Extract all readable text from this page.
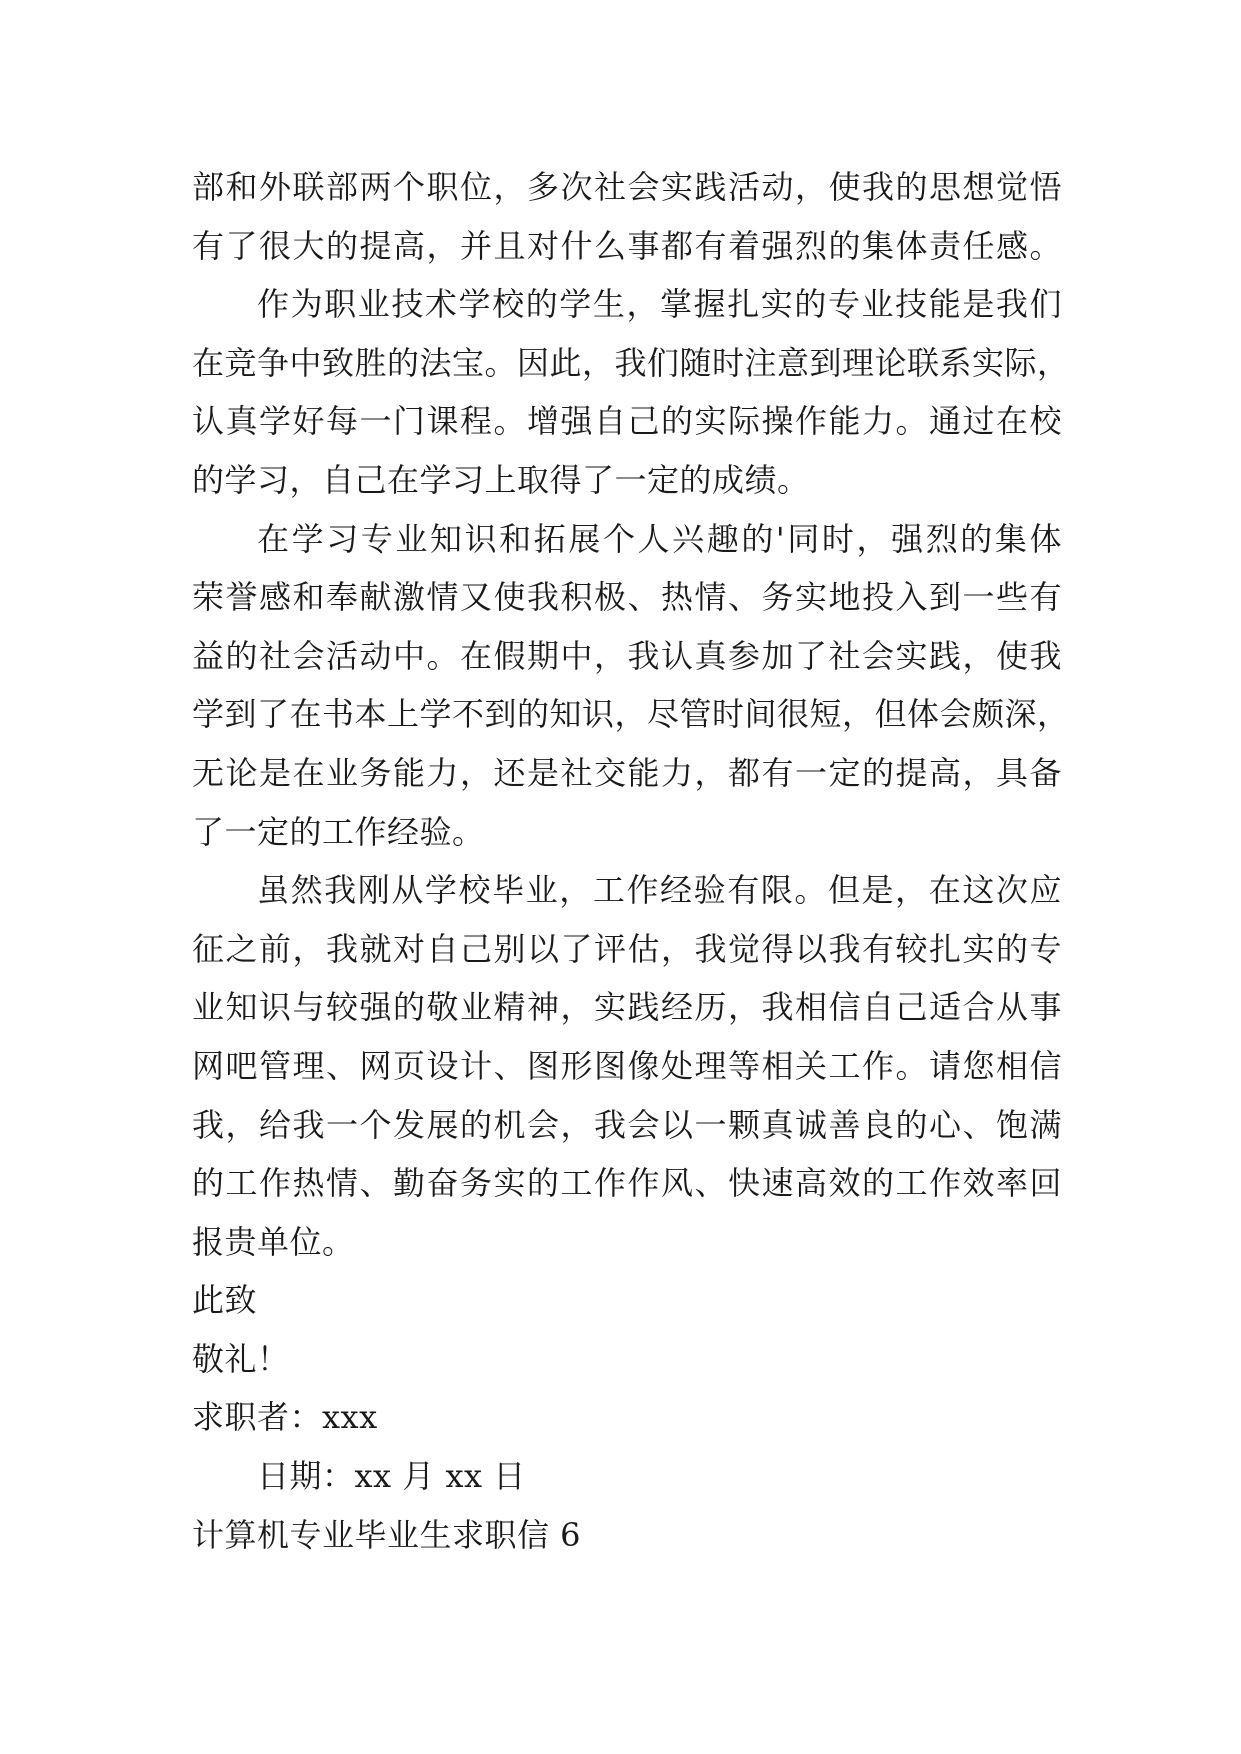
部和外联部两个职位，多次社会实践活动，使我的思想觉悟
有了很大的提高，并且对什么事都有着强烈的集体责任感。
作为职业技术学校的学生，掌握扎实的专业技能是我们
在竞争中致胜的法宝。因此，我们随时注意到理论联系实际，
认真学好每一门课程。增强自己的实际操作能力。通过在校
的学习，自己在学习上取得了一定的成绩。
在学习专业知识和拓展个人兴趣的'同时，强烈的集体
荣誉感和奉献激情又使我积极、热情、务实地投入到一些有
益的社会活动中。在假期中，我认真参加了社会实践，使我
学到了在书本上学不到的知识，尽管时间很短，但体会颇深，
无论是在业务能力，还是社交能力，都有一定的提高，具备
了一定的工作经验。
虽然我刚从学校毕业，工作经验有限。但是，在这次应
征之前，我就对自己别以了评估，我觉得以我有较扎实的专
业知识与较强的敬业精神，实践经历，我相信自己适合从事
网吧管理、网页设计、图形图像处理等相关工作。请您相信
我，给我一个发展的机会，我会以一颗真诚善良的心、饱满
的工作热情、勤奋务实的工作作风、快速高效的工作效率回
报贵单位。
此致
敬礼！
求职者：xxx
日期：xx 月 xx 日
计算机专业毕业生求职信 6
